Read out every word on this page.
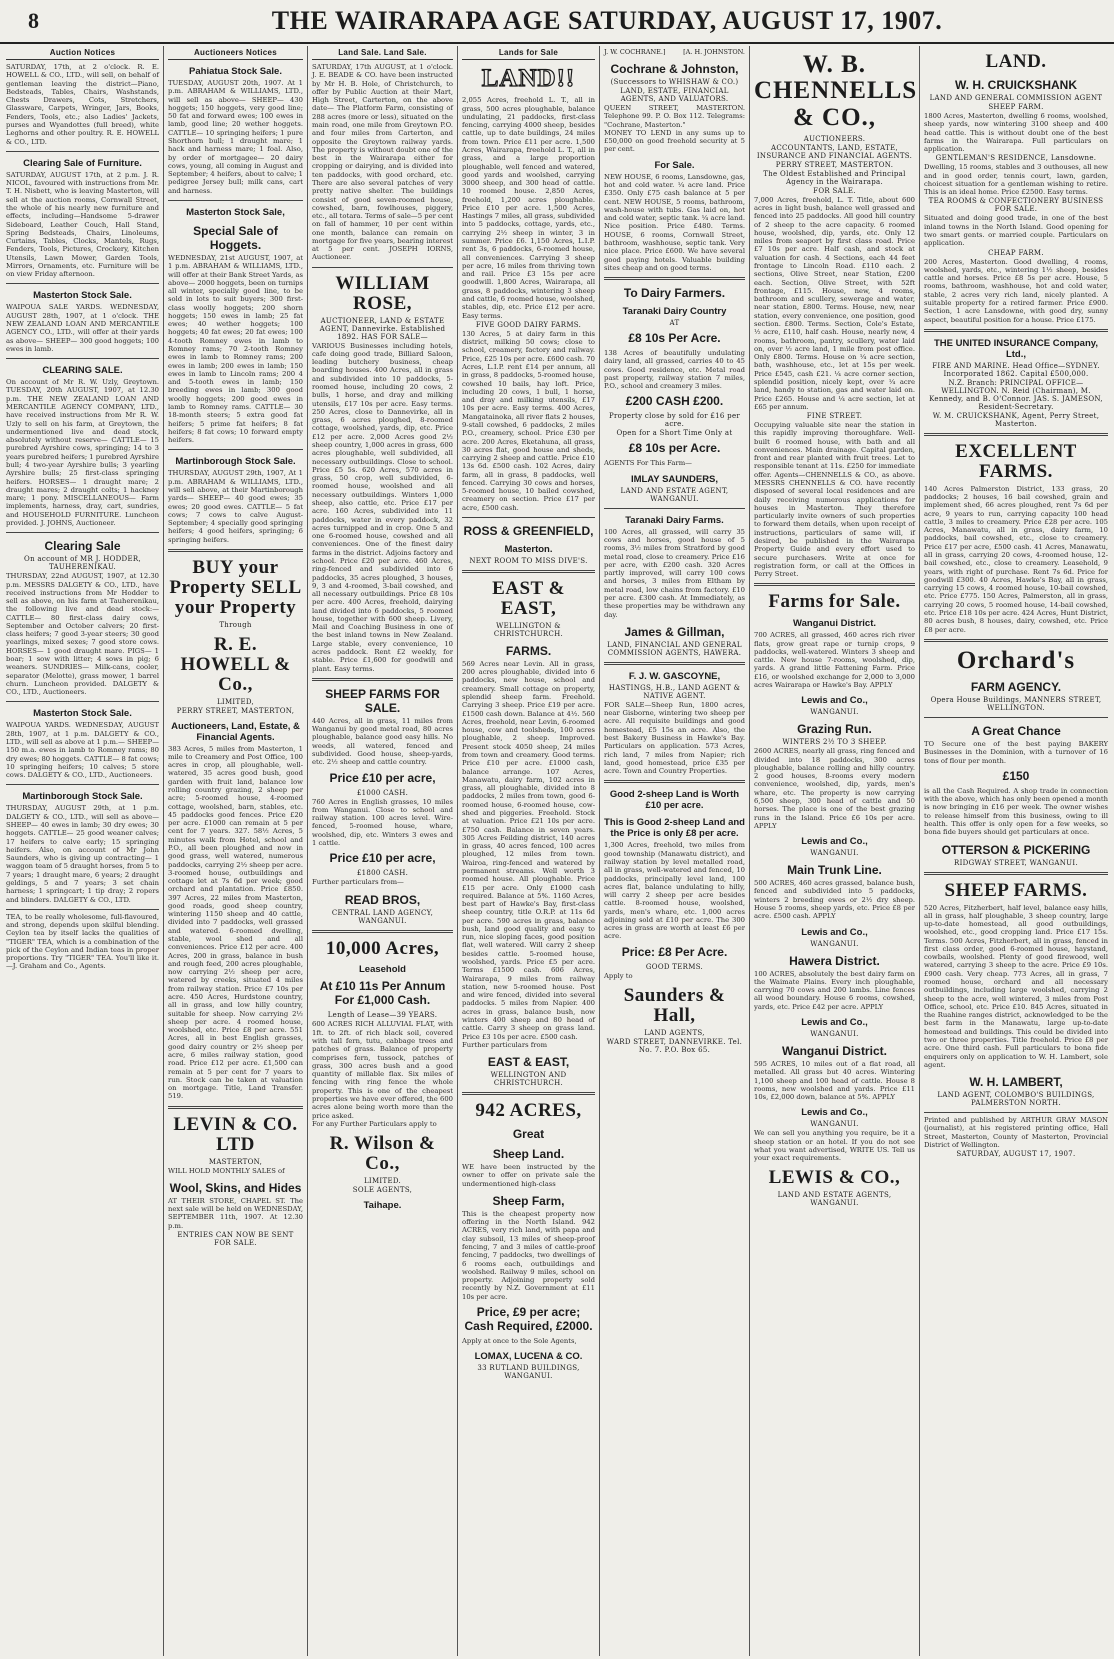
8	THE WAIRARAPA AGE SATURDAY, AUGUST 17, 1907.
Auction Notices
SATURDAY, 17th, at 2 o'clock. R. E. HOWELL & CO., LTD., will sell, on behalf of gentleman leaving the district—Piano, Bedsteads, Tables, Chairs, Washstands, Chests Drawers, Cots, Stretchers, Glassware, Carpets, Wringer, Jars, Books, Fenders, Tools, etc.; also Ladies' Jackets, purses and Wyandottes (full breed), white Leghorns and other poultry. R. E. HOWELL & CO., LTD.
Clearing Sale of Furniture.
SATURDAY, AUGUST 17th, at 2 p.m. J. R. NICOL, favoured with instructions from Mr. T. H. Nisbett, who is leaving Masterton, will sell at the auction rooms, Cornwall Street, the whole of his nearly new furniture and effects, including—Handsome 5-drawer Sideboard, Leather Couch, Hall Stand, Spring Bedsteads, Chairs, Linoleums, Curtains, Tables, Clocks, Mantels, Rugs, Fenders, Tools, Pictures, Crockery, Kitchen Utensils, Lawn Mower, Garden Tools, Mirrors, Ornaments, etc. Furniture will be on view Friday afternoon.
Masterton Stock Sale.
WAIPOUA SALE YARDS. WEDNESDAY, AUGUST 28th, 1907, at 1 o'clock. THE NEW ZEALAND LOAN AND MERCANTILE AGENCY CO., LTD., will offer at their yards as above— SHEEP— 300 good hoggets; 100 ewes in lamb.
CLEARING SALE.
On account of Mr R. W. Uzly, Greytown. TUESDAY, 20th AUGUST, 1907, at 12.30 p.m. THE NEW ZEALAND LOAN AND MERCANTILE AGENCY COMPANY, LTD., have received instructions from Mr R. W. Uzly to sell on his farm, at Greytown, the undermentioned live and dead stock, absolutely without reserve— CATTLE— 15 purebred Ayrshire cows, springing; 14 to 3 years purebred heifers; 1 purebred Ayrshire bull; 4 two-year Ayrshire bulls; 3 yearling Ayrshire bulls; 25 first-class springing heifers. HORSES— 1 draught mare; 2 draught mares; 2 draught colts; 1 hackney mare; 1 pony. MISCELLANEOUS— Farm implements, harness, dray, cart, sundries, and HOUSEHOLD FURNITURE. Luncheon provided. J. JOHNS, Auctioneer.
Clearing Sale
On account of MR J. HODDER, TAUHERENIKAU.
THURSDAY, 22nd AUGUST, 1907, at 12.30 p.m. MESSRS DALGETY & CO., LTD., have received instructions from Mr Hodder to sell as above, on his farm at Tauherenikau, the following live and dead stock:— CATTLE— 80 first-class dairy cows, September and October calvers; 20 first-class heifers; 7 good 3-year steers; 30 good yearlings, mixed sexes; 7 good store cows. HORSES— 1 good draught mare. PIGS— 1 boar; 1 sow with litter; 4 sows in pig; 6 weaners. SUNDRIES— Milk-cans, cooler, separator (Melotte), grass mower, 1 barrel churn. Luncheon provided. DALGETY & CO., LTD., Auctioneers.
Masterton Stock Sale.
WAIPOUA YARDS. WEDNESDAY, AUGUST 28th, 1907, at 1 p.m. DALGETY & CO., LTD., will sell as above at 1 p.m.— SHEEP— 150 m.a. ewes in lamb to Romney rams; 80 dry ewes; 80 hoggets. CATTLE— 8 fat cows; 10 springing heifers; 10 calves; 5 store cows. DALGETY & CO., LTD., Auctioneers.
Martinborough Stock Sale.
THURSDAY, AUGUST 29th, at 1 p.m. DALGETY & CO., LTD., will sell as above— SHEEP— 40 ewes in lamb; 30 dry ewes; 30 hoggets. CATTLE— 25 good weaner calves; 17 heifers to calve early; 15 springing heifers. Also, on account of Mr John Saunders, who is giving up contracting— 1 waggon team of 5 draught horses, from 5 to 7 years; 1 draught mare, 6 years; 2 draught geldings, 5 and 7 years; 3 set chain harness; 1 springcart; 1 tip dray; 2 ropers and blinders. DALGETY & CO., LTD.
TEA, to be really wholesome, full-flavoured, and strong, depends upon skilful blending. Ceylon tea by itself lacks the qualities of "TIGER" TEA, which is a combination of the pick of the Ceylon and Indian teas in proper proportions. Try "TIGER" TEA. You'll like it.—J. Graham and Co., Agents.
Auctioneers Notices
Pahiatua Stock Sale.
TUESDAY, AUGUST 20th, 1907. At 1 p.m. ABRAHAM & WILLIAMS, LTD., will sell as above— SHEEP— 430 hoggets; 150 hoggets, very good line; 50 fat and forward ewes; 100 ewes in lamb, good line; 20 wether hoggets. CATTLE— 10 springing heifers; 1 pure Shorthorn bull; 1 draught mare; 1 hack and harness mare; 1 foal. Also, by order of mortgagee— 20 dairy cows, young, all coming in August and September; 4 heifers, about to calve; 1 pedigree Jersey bull; milk cans, cart and harness.
Masterton Stock Sale,
Special Sale of Hoggets.
WEDNESDAY, 21st AUGUST, 1907, at 1 p.m. ABRAHAM & WILLIAMS, LTD., will offer at their Bank Street Yards, as above— 2000 hoggets, been on turnips all winter, specially good line, to be sold in lots to suit buyers; 300 first-class woolly hoggets; 200 shorn hoggets; 150 ewes in lamb; 25 fat ewes; 40 wether hoggets; 100 hoggets; 40 fat ewes; 20 fat ewes; 100 4-tooth Romney ewes in lamb to Romney rams; 70 2-tooth Romney ewes in lamb to Romney rams; 200 ewes in lamb; 200 ewes in lamb; 150 ewes in lamb to Lincoln rams; 200 4 and 5-tooth ewes in lamb; 150 breeding ewes in lamb; 300 good woolly hoggets; 200 good ewes in lamb to Romney rams. CATTLE— 30 18-month steers; 5 extra good fat heifers; 5 prime fat heifers; 8 fat heifers; 8 fat cows; 10 forward empty heifers.
Martinborough Stock Sale.
THURSDAY, AUGUST 29th, 1907, At 1 p.m. ABRAHAM & WILLIAMS, LTD., will sell above, at their Martinborough yards— SHEEP— 40 good ewes; 35 ewes; 20 good ewes. CATTLE— 5 fat cows; 7 cows to calve August-September; 4 specially good springing heifers; 4 good heifers, springing; 6 springing heifers.
BUY your Property SELL your Property
Through
R. E. HOWELL & Co.,
LIMITED,
PERRY STREET, MASTERTON,
Auctioneers, Land, Estate, & Financial Agents.
383 Acres, 5 miles from Masterton, 1 mile to Creamery and Post Office, 100 acres in crop, all ploughable, well-watered, 35 acres good bush, good garden with fruit land, balance low rolling country grazing, 2 sheep per acre; 5-roomed house, 4-roomed cottage, woolshed, barn, stables, etc. 45 paddocks good fences. Price £20 per acre. £1000 can remain at 5 per cent for 7 years. 327. 58½ Acres, 5 minutes walk from Hotel, school and P.O., all been ploughed and now in good grass, well watered, numerous paddocks, carrying 2½ sheep per acre. 3-roomed house, outbuildings and cottage let at 7s 6d per week; good orchard and plantation. Price £850. 397 Acres, 22 miles from Masterton, good roads, good sheep country, wintering 1150 sheep and 40 cattle, divided into 7 paddocks, well grassed and watered. 6-roomed dwelling, stable, wool shed and all conveniences. Price £12 per acre. 400 Acres, 200 in grass, balance in bush and rough feed, 200 acres ploughable, now carrying 2½ sheep per acre, watered by creeks, situated 4 miles from railway station. Price £7 10s per acre. 450 Acres, Hurdstone country, all in grass, and low hilly country, suitable for sheep. Now carrying 2½ sheep per acre. 4 roomed house, woolshed, etc. Price £8 per acre. 551 Acres, all in best English grasses, good dairy country or 2½ sheep per acre, 6 miles railway station, good road. Price £12 per acre. £1,500 can remain at 5 per cent for 7 years to run. Stock can be taken at valuation on mortgage. Title, Land Transfer. 519.
LEVIN & CO. LTD
MASTERTON,
WILL HOLD MONTHLY SALES of
Wool, Skins, and Hides
AT THEIR STORE, CHAPEL ST. The next sale will be held on WEDNESDAY, SEPTEMBER 11th, 1907. At 12.30 p.m.
ENTRIES CAN NOW BE SENT FOR SALE.
Land Sale. Land Sale.
SATURDAY, 17th AUGUST, at 1 o'clock. J. E. BEADE & CO. have been instructed by Mr H. B. Hole, of Christchurch, to offer by Public Auction at their Mart, High Street, Carterton, on the above date— The Platform Farm, consisting of 288 acres (more or less), situated on the main road, one mile from Greytown P.O. and four miles from Carterton, and opposite the Greytown railway yards. The property is without doubt one of the best in the Wairarapa either for cropping or dairying, and is divided into ten paddocks, with good orchard, etc. There are also several patches of very pretty native shelter. The buildings consist of good seven-roomed house, cowshed, barn, fowlhouses, piggery, etc., all totara. Terms of sale—5 per cent on fall of hammer, 10 per cent within one month, balance can remain on mortgage for five years, bearing interest at 5 per cent. JOSEPH IORNS, Auctioneer.
WILLIAM ROSE,
AUCTIONEER, LAND & ESTATE AGENT, Dannevirke. Established 1892. HAS FOR SALE—
VARIOUS Businesses including hotels, cafe doing good trade, Billiard Saloon, leading butchery business, cheap boarding houses. 400 Acres, all in grass and subdivided into 10 paddocks, 5-roomed house, including 20 cows, 2 bulls, 1 horse, and dray and milking utensils, £17 10s per acre. Easy terms. 250 Acres, close to Dannevirke, all in grass, 6 acres ploughed, 8-roomed cottage, woolshed, yards, dip, etc. Price £12 per acre. 2,000 Acres good 2½ sheep country, 1,000 acres in grass, 600 acres ploughable, well subdivided, all necessary outbuildings. Close to school. Price £5 5s. 620 Acres, 570 acres in grass, 50 crop, well subdivided, 6-roomed house, woolshed and all necessary outbuildings. Winters 1,000 sheep, also cattle, etc. Price £17 per acre. 160 Acres, subdivided into 11 paddocks, water in every paddock, 32 acres turnipped and in crop. One 5 and one 6-roomed house, cowshed and all conveniences. One of the finest dairy farms in the district. Adjoins factory and school. Price £20 per acre. 460 Acres, ring-fenced and subdivided into 6 paddocks, 35 acres ploughed, 3 houses, 9, 3 and 4-roomed, 3-bail cowshed, and all necessary outbuildings. Price £8 10s per acre. 400 Acres, freehold, dairying land divided into 6 paddocks, 5 roomed house, together with 600 sheep. Livery, Mail and Coaching Business in one of the best inland towns in New Zealand. Large stable, every convenience, 10 acres paddock. Rent £2 weekly, for stable. Price £1,600 for goodwill and plant. Easy terms.
SHEEP FARMS FOR SALE.
440 Acres, all in grass, 11 miles from Wanganui by good metal road, 80 acres ploughable, balance good easy hills. No weeds, all watered, fenced and subdivided. Good house, sheep-yards, etc. 2½ sheep and cattle country.
Price £10 per acre,
£1000 CASH.
760 Acres in English grasses, 10 miles from Wanganui. Close to school and railway station. 100 acres level. Wire-fenced, 5-roomed house, whare, woolshed, dip, etc. Winters 3 ewes and 1 cattle.
Price £10 per acre,
£1800 CASH.
Further particulars from—
READ BROS,
CENTRAL LAND AGENCY, WANGANUI.
10,000 Acres,
Leasehold
At £10 11s Per Annum For £1,000 Cash.
Length of Lease—39 YEARS.
600 ACRES RICH ALLUVIAL FLAT, with 1ft. to 2ft. of rich black soil, covered with tall fern, tutu, cabbage trees and patches of grass. Balance of property comprises fern, tussock, patches of grass, 300 acres bush and a good quantity of millable flax. Six miles of fencing with ring fence the whole property. This is one of the cheapest properties we have ever offered, the 600 acres alone being worth more than the price asked.
For any Further Particulars apply to
R. Wilson & Co.,
LIMITED.
SOLE AGENTS,
Taihape.
Lands for Sale
LAND!!
2,055 Acres, freehold L. T., all in grass, 500 acres ploughable, balance undulating, 21 paddocks, first-class fencing, carrying 4000 sheep, besides cattle, up to date buildings, 24 miles from town. Price £11 per acre. 1,500 Acres, Wairarapa, freehold L. T., all in grass, and a large proportion ploughable, well fenced and watered, good yards and woolshed, carrying 3000 sheep, and 300 head of cattle. 10 roomed house. 2,850 Acres, freehold, 1,200 acres ploughable. Price £10 per acre. 1,500 Acres, Hastings 7 miles, all grass, subdivided into 5 paddocks, cottage, yards, etc., carrying 2½ sheep in winter, 3 in summer. Price £6. 1,150 Acres, L.I.P. rent 3s, 6 paddocks, 6-roomed house, all conveniences. Carrying 3 sheep per acre, 16 miles from thriving town and rail. Price £3 15s per acre goodwill. 1,800 Acres, Wairarapa, all grass, 8 paddocks, wintering 3 sheep and cattle, 6 roomed house, woolshed, stables, dip, etc. Price £12 per acre. Easy terms.
FIVE GOOD DAIRY FARMS.
130 Acres, 5 at dairy farm in this district, milking 50 cows; close to school, creamery, factory and railway. Price, £25 10s per acre. £600 cash. 70 Acres, L.I.P. rent £14 per annum, all in grass, 8 paddocks, 5-roomed house, cowshed 10 bails, hay loft. Price, including 20 cows, 1 bull, 1 horse, and dray and milking utensils, £17 10s per acre. Easy terms. 400 Acres, Mangatainoka, all river flats 2 houses, 9-stall cowshed, 6 paddocks, 2 miles P.O., creamery, school. Price £30 per acre. 200 Acres, Eketahuna, all grass, 30 acres flat, good house and sheds, carrying 2 sheep and cattle. Price £10 13s 6d. £500 cash. 102 Acres, dairy farm, all in grass, 8 paddocks, well fenced. Carrying 30 cows and horses, 5-roomed house, 10 bailed cowshed, creamery on section. Price £17 per acre, £500 cash.
ROSS & GREENFIELD,
Masterton.
NEXT ROOM TO MISS DIVE'S.
EAST & EAST,
WELLINGTON & CHRISTCHURCH.
FARMS.
569 Acres near Levin. All in grass, 200 acres ploughable, divided into 6 paddocks, new house, school and creamery. Small cottage on property, splendid sheep farm. Freehold. Carrying 3 sheep. Price £19 per acre. £1500 cash down. Balance at 4½. 560 Acres, freehold, near Levin, 6-roomed house, cow and toolsheds, 100 acres ploughable, 2 sheep. Improved. Present stock 4050 sheep, 24 miles from town and creamery. Good terms. Price £10 per acre. £1000 cash, balance arrange. 107 Acres, Manawatu, dairy farm, 102 acres in grass, all ploughable, divided into 8 paddocks, 2 miles from town, good 6-roomed house, 6-roomed house, cow-shed and piggeries. Freehold. Stock at valuation. Price £21 10s per acre. £750 cash. Balance in seven years. 305 Acres Feilding district, 140 acres in grass, 40 acres fenced, 100 acres ploughed, 12 miles from town. Wairoa, ring-fenced and watered by permanent streams. Well worth 3 roomed house. All ploughable. Price £15 per acre. Only £1000 cash required. Balance at 5%. 1160 Acres, best part of Hawke's Bay, first-class sheep country, title O.R.P. at 11s 6d per acre. 590 acres in grass, balance bush, land good quality and easy to run, nice sloping faces, good position flat, well watered. Will carry 2 sheep besides cattle. 5-roomed house, woolshed, yards. Price £5 per acre. Terms £1500 cash. 606 Acres, Wairarapa, 9 miles from railway station, new 5-roomed house. Post and wire fenced, divided into several paddocks. 5 miles from Napier. 400 acres in grass, balance bush, now winters 400 sheep and 80 head of cattle. Carry 3 sheep on grass land. Price £3 10s per acre. £500 cash.
Further particulars from
EAST & EAST,
WELLINGTON AND CHRISTCHURCH.
942 ACRES,
Great
Sheep Land.
WE have been instructed by the owner to offer on private sale the undermentioned high-class
Sheep Farm,
This is the cheapest property now offering in the North Island. 942 ACRES, very rich land, with papa and clay subsoil, 13 miles of sheep-proof fencing, 7 and 3 miles of cattle-proof fencing, 7 paddocks, two dwellings of 6 rooms each, outbuildings and woolshed. Railway 9 miles, school on property. Adjoining property sold recently by N.Z. Government at £11 10s per acre.
Price, £9 per acre; Cash Required, £2000.
Apply at once to the Sole Agents,
LOMAX, LUCENA & CO.
33 RUTLAND BUILDINGS, WANGANUI.
J. W. COCHRANE.]	[A. H. JOHNSTON.
Cochrane & Johnston,
(Successors to WHISHAW & CO.)
LAND, ESTATE, FINANCIAL AGENTS, AND VALUATORS.
QUEEN STREET, MASTERTON. Telephone 99. P. O. Box 112. Telegrams: "Cochrane, Masterton."
MONEY TO LEND in any sums up to £50,000 on good freehold security at 5 per cent.
For Sale.
NEW HOUSE, 6 rooms, Lansdowne, gas, hot and cold water. ¼ acre land. Price £350. Only £75 cash balance at 5 per cent. NEW HOUSE, 5 rooms, bathroom, wash-house with tubs. Gas laid on, hot and cold water, septic tank. ¼ acre land. Nice position. Price £480. Terms. HOUSE, 6 rooms, Cornwall Street, bathroom, washhouse, septic tank. Very nice place. Price £600. We have several good paying hotels. Valuable building sites cheap and on good terms.
To Dairy Farmers.
Taranaki Dairy Country
AT
£8 10s Per Acre.
138 Acres of beautifully undulating dairy land, all grassed, carries 40 to 45 cows. Good residence, etc. Metal road past property, railway station 7 miles, P.O., school and creamery 3 miles.
£200 CASH £200.
Property close by sold for £16 per acre.
Open for a Short Time Only at
£8 10s per Acre.
AGENTS For This Farm—
IMLAY SAUNDERS,
LAND AND ESTATE AGENT, WANGANUI.
Taranaki Dairy Farms.
100 Acres, all grassed, will carry 35 cows and horses, good house of 5 rooms, 3½ miles from Stratford by good metal road, close to creamery. Price £16 per acre, with £200 cash. 320 Acres partly improved, will carry 100 cows and horses, 3 miles from Eltham by metal road, low chains from factory. £10 per acre. £300 cash. At Immediately, as these properties may be withdrawn any day.
James & Gillman,
LAND, FINANCIAL AND GENERAL COMMISSION AGENTS, HAWERA.
F. J. W. GASCOYNE,
HASTINGS, H.B., LAND AGENT & NATIVE AGENT.
FOR SALE—Sheep Run, 1800 acres, near Gisborne, wintering two sheep per acre. All requisite buildings and good homestead, £5 15s an acre. Also, the best Bakery Business in Hawke's Bay. Particulars on application. 573 Acres, rich land, 7 miles from Napier; rich land, good homestead, price £35 per acre. Town and Country Properties.
Good 2-sheep Land is Worth £10 per acre.
This is Good 2-sheep Land and the Price is only £8 per acre.
1,300 Acres, freehold, two miles from good township (Manawatu district), and railway station by level metalled road, all in grass, well-watered and fenced, 10 paddocks, principally level land, 100 acres flat, balance undulating to hilly, will carry 2 sheep per acre besides cattle. 8-roomed house, woolshed, yards, men's whare, etc. 1,000 acres adjoining sold at £10 per acre. The 300 acres in grass are worth at least £6 per acre.
Price: £8 Per Acre.
GOOD TERMS.
Apply to
Saunders & Hall,
LAND AGENTS,
WARD STREET, DANNEVIRKE. Tel. No. 7. P.O. Box 65.
W. B. CHENNELLS & CO.,
AUCTIONEERS.
ACCOUNTANTS, LAND, ESTATE, INSURANCE AND FINANCIAL AGENTS.
PERRY STREET, MASTERTON.
The Oldest Established and Principal Agency in the Wairarapa.
FOR SALE.
7,000 Acres, freehold, L. T. Title, about 600 acres in light bush, balance well grassed and fenced into 25 paddocks. All good hill country of 2 sheep to the acre capacity. 6 roomed house, woolshed, dip, yards, etc. Only 12 miles from seaport by first class road. Price £7 10s per acre. Half cash, and stock at valuation for cash. 4 Sections, each 44 feet frontage to Lincoln Road. £110 each. 2 sections, Olive Street, near Station, £200 each. Section, Olive Street, with 52ft frontage, £115. House, new, 4 rooms, bathroom and scullery, sewerage and water, near station, £800. Terms. House, new, near station, every convenience, one position, good section. £800. Terms. Section, Cole's Estate, ½ acre, £110, half cash. House, nearly new, 4 rooms, bathroom, pantry, scullery, water laid on, over ½ acre land, 1 mile from post office. Only £800. Terms. House on ¼ acre section, bath, washhouse, etc., let at 15s per week. Price £545, cash £21. ¼ acre corner section, splendid position, nicely kept, over ¼ acre land, handy to station, gas and water laid on. Price £265. House and ¼ acre section, let at £65 per annum.
FINE STREET.
Occupying valuable site near the station in this rapidly improving thoroughfare. Well-built 6 roomed house, with bath and all conveniences. Main drainage. Capital garden, front and rear planted with fruit trees. Let to responsible tenant at 11s. £250 for immediate offer. Agents—CHENNELLS & CO., as above. MESSRS CHENNELLS & CO. have recently disposed of several local residences and are daily receiving numerous applications for houses in Masterton. They therefore particularly invite owners of such properties to forward them details, when upon receipt of instructions, particulars of same will, if desired, be published in the Wairarapa Property Guide and every effort used to secure purchasers. Write at once for registration form, or call at the Offices in Perry Street.
Farms for Sale.
Wanganui District.
700 ACRES, all grassed, 460 acres rich river flats, grow great rape or turnip crops, 9 paddocks, well-watered. Winters 3 sheep and cattle. New house 7-rooms, woolshed, dip, yards. A grand little Fattening Farm. Price £16, or woolshed exchange for 2,000 to 3,000 acres Wairarapa or Hawke's Bay. APPLY
Lewis and Co.,
WANGANUI.
Grazing Run.
WINTERS 2½ TO 3 SHEEP.
2600 ACRES, nearly all grass, ring fenced and divided into 18 paddocks, 300 acres ploughable, balance rolling and hilly country. 2 good houses, 8-rooms every modern convenience, woolshed, dip, yards, men's whare, etc. The property is now carrying 6,500 sheep, 300 head of cattle and 50 horses. The place is one of the best grazing runs in the Island. Price £6 10s per acre. APPLY
Lewis and Co.,
WANGANUI.
Main Trunk Line.
500 ACRES, 460 acres grassed, balance bush, fenced and subdivided into 5 paddocks, winters 2 breeding ewes or 2½ dry sheep. House 5 rooms, sheep yards, etc. Price £8 per acre. £500 cash. APPLY
Lewis and Co.,
WANGANUI.
Hawera District.
100 ACRES, absolutely the best dairy farm on the Waimate Plains. Every inch ploughable, carrying 70 cows and 200 lambs. Line fences all wood boundary. House 6 rooms, cowshed, yards, etc. Price £42 per acre. APPLY
Lewis and Co.,
WANGANUI.
Wanganui District.
595 ACRES, 10 miles out of a flat road, all metalled. All grass but 40 acres. Wintering 1,100 sheep and 100 head of cattle. House 8 rooms, new woolshed and yards. Price £11 10s, £2,000 down, balance at 5%. APPLY
Lewis and Co.,
WANGANUI.
We can sell you anything you require, be it a sheep station or an hotel. If you do not see what you want advertised, WRITE US. Tell us your exact requirements.
LEWIS & CO.,
LAND AND ESTATE AGENTS, WANGANUI.
LAND.
W. H. CRUICKSHANK
LAND AND GENERAL COMMISSION AGENT
SHEEP FARM.
1800 Acres, Masterton, dwelling 6 rooms, woolshed, sheep yards, now wintering 3100 sheep and 400 head cattle. This is without doubt one of the best farms in the Wairarapa. Full particulars on application.
GENTLEMAN'S RESIDENCE, Lansdowne.
Dwelling, 15 rooms, stables and 3 outhouses, all new and in good order, tennis court, lawn, garden, choicest situation for a gentleman wishing to retire. This is an ideal home. Price £2500. Easy terms.
TEA ROOMS & CONFECTIONERY BUSINESS FOR SALE.
Situated and doing good trade, in one of the best inland towns in the North Island. Good opening for two smart gents. or married couple. Particulars on application.
CHEAP FARM.
200 Acres, Masterton. Good dwelling, 4 rooms, woolshed, yards, etc., wintering 1½ sheep, besides cattle and horses. Price £8 5s per acre. House, 5 rooms, bathroom, washhouse, hot and cold water, stable, 2 acres very rich land, nicely planted. A suitable property for a retired farmer. Price £900. Section, 1 acre Lansdowne, with good dry, sunny aspect, beautiful position for a house. Price £175.
THE UNITED INSURANCE Company, Ltd.,
FIRE AND MARINE. Head Office—SYDNEY. Incorporated 1862. Capital £500,000.
N.Z. Branch: PRINCIPAL OFFICE—WELLINGTON. N. Reid (Chairman), M. Kennedy, and B. O'Connor. JAS. S. JAMESON, Resident-Secretary.
W. M. CRUICKSHANK, Agent, Perry Street, Masterton.
EXCELLENT FARMS.
140 Acres Palmerston District, 133 grass, 20 paddocks; 2 houses, 16 bail cowshed, grain and implement shed, 66 acres ploughed, rent 7s 6d per acre, 9 years to run, carrying capacity 100 head cattle, 3 miles to creamery. Price £28 per acre. 105 Acres, Manawatu, all in grass, dairy farm, 10 paddocks, bail cowshed, etc., close to creamery. Price £17 per acre, £500 cash. 41 Acres, Manawatu, all in grass, carrying 20 cows, 4-roomed house, 12-bail cowshed, etc., close to creamery. Leasehold, 9 years, with right of purchase. Rent 7s 6d. Price for goodwill £300. 40 Acres, Hawke's Bay, all in grass, carrying 15 cows, 4 roomed house, 10-bail cowshed, etc. Price £775. 150 Acres, Palmerston, all in grass, carrying 20 cows, 5 roomed house, 14-bail cowshed, etc. Price £18 10s per acre. 424 Acres, Hunt District, 80 acres bush, 8 houses, dairy, cowshed, etc. Price £8 per acre.
Orchard's
FARM AGENCY.
Opera House Buildings, MANNERS STREET, WELLINGTON.
A Great Chance
TO Secure one of the best paying BAKERY Businesses in the Dominion, with a turnover of 16 tons of flour per month.
£150
is all the Cash Required. A shop trade in connection with the above, which has only been opened a month is now bringing in £16 per week. The owner wishes to release himself from this business, owing to ill health. This offer is only open for a few weeks, so bona fide buyers should get particulars at once.
OTTERSON & PICKERING
RIDGWAY STREET, WANGANUI.
SHEEP FARMS.
520 Acres, Fitzherbert, half level, balance easy hills, all in grass, half ploughable, 3 sheep country, large up-to-date homestead, all good outbuildings, woolshed, etc., good cropping land. Price £17 15s. Terms. 500 Acres, Fitzherbert, all in grass, fenced in first class order, good 6-roomed house, haystand, cowbails, woolshed. Plenty of good firewood, well watered, carrying 3 sheep to the acre. Price £9 10s. £900 cash. Very cheap. 773 Acres, all in grass, 7 roomed house, orchard and all necessary outbuildings, including large woolshed, carrying 2 sheep to the acre, well wintered, 3 miles from Post Office, school, etc. Price £10. 845 Acres, situated in the Ruahine ranges district, acknowledged to be the best farm in the Manawatu, large up-to-date homestead and buildings. This could be divided into two or three properties. Title freehold. Price £8 per acre. One third cash. Full particulars to bona fide enquirers only on application to W. H. Lambert, sole agent.
W. H. LAMBERT,
LAND AGENT, COLOMBO'S BUILDINGS, PALMERSTON NORTH.
Printed and published by ARTHUR GRAY MASON (journalist), at his registered printing office, Hall Street, Masterton, County of Masterton, Provincial District of Wellington.
SATURDAY, AUGUST 17, 1907.
